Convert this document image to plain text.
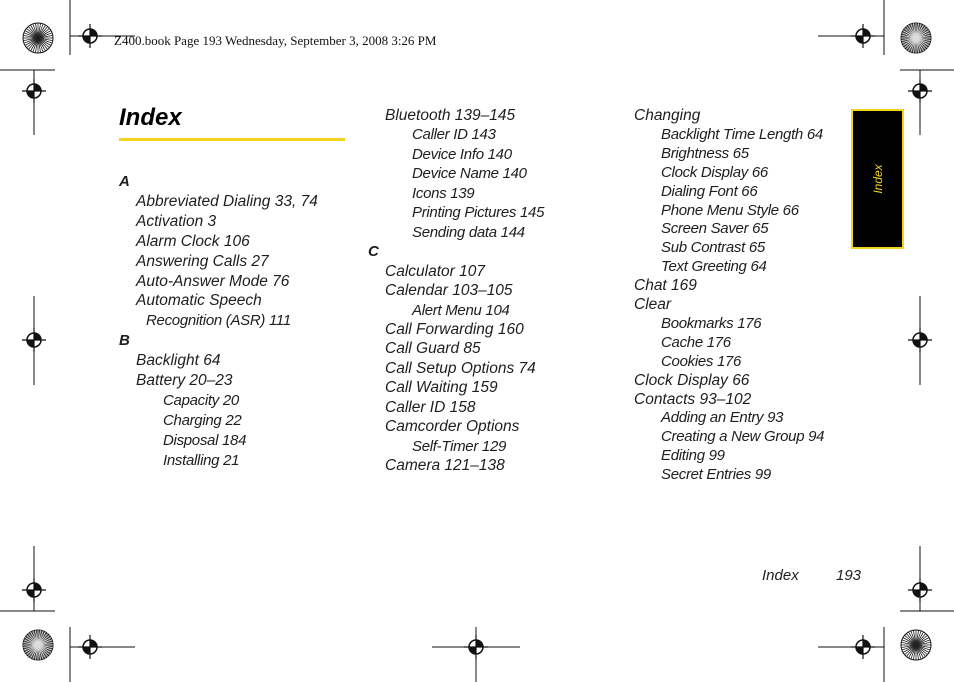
Z400.book Page 193 Wednesday, September 3, 2008 3:26 PM
Index
A
Abbreviated Dialing 33, 74
Activation 3
Alarm Clock 106
Answering Calls 27
Auto-Answer Mode 76
Automatic Speech
Recognition (ASR) 111
B
Backlight 64
Battery 20–23
Capacity 20
Charging 22
Disposal 184
Installing 21
Bluetooth 139–145
Caller ID 143
Device Info 140
Device Name 140
Icons 139
Printing Pictures 145
Sending data 144
C
Calculator 107
Calendar 103–105
Alert Menu 104
Call Forwarding 160
Call Guard 85
Call Setup Options 74
Call Waiting 159
Caller ID 158
Camcorder Options
Self-Timer 129
Camera 121–138
Changing
Backlight Time Length 64
Brightness 65
Clock Display 66
Dialing Font 66
Phone Menu Style 66
Screen Saver 65
Sub Contrast 65
Text Greeting 64
Chat 169
Clear
Bookmarks 176
Cache 176
Cookies 176
Clock Display 66
Contacts 93–102
Adding an Entry 93
Creating a New Group 94
Editing 99
Secret Entries 99
Index
Index 193
